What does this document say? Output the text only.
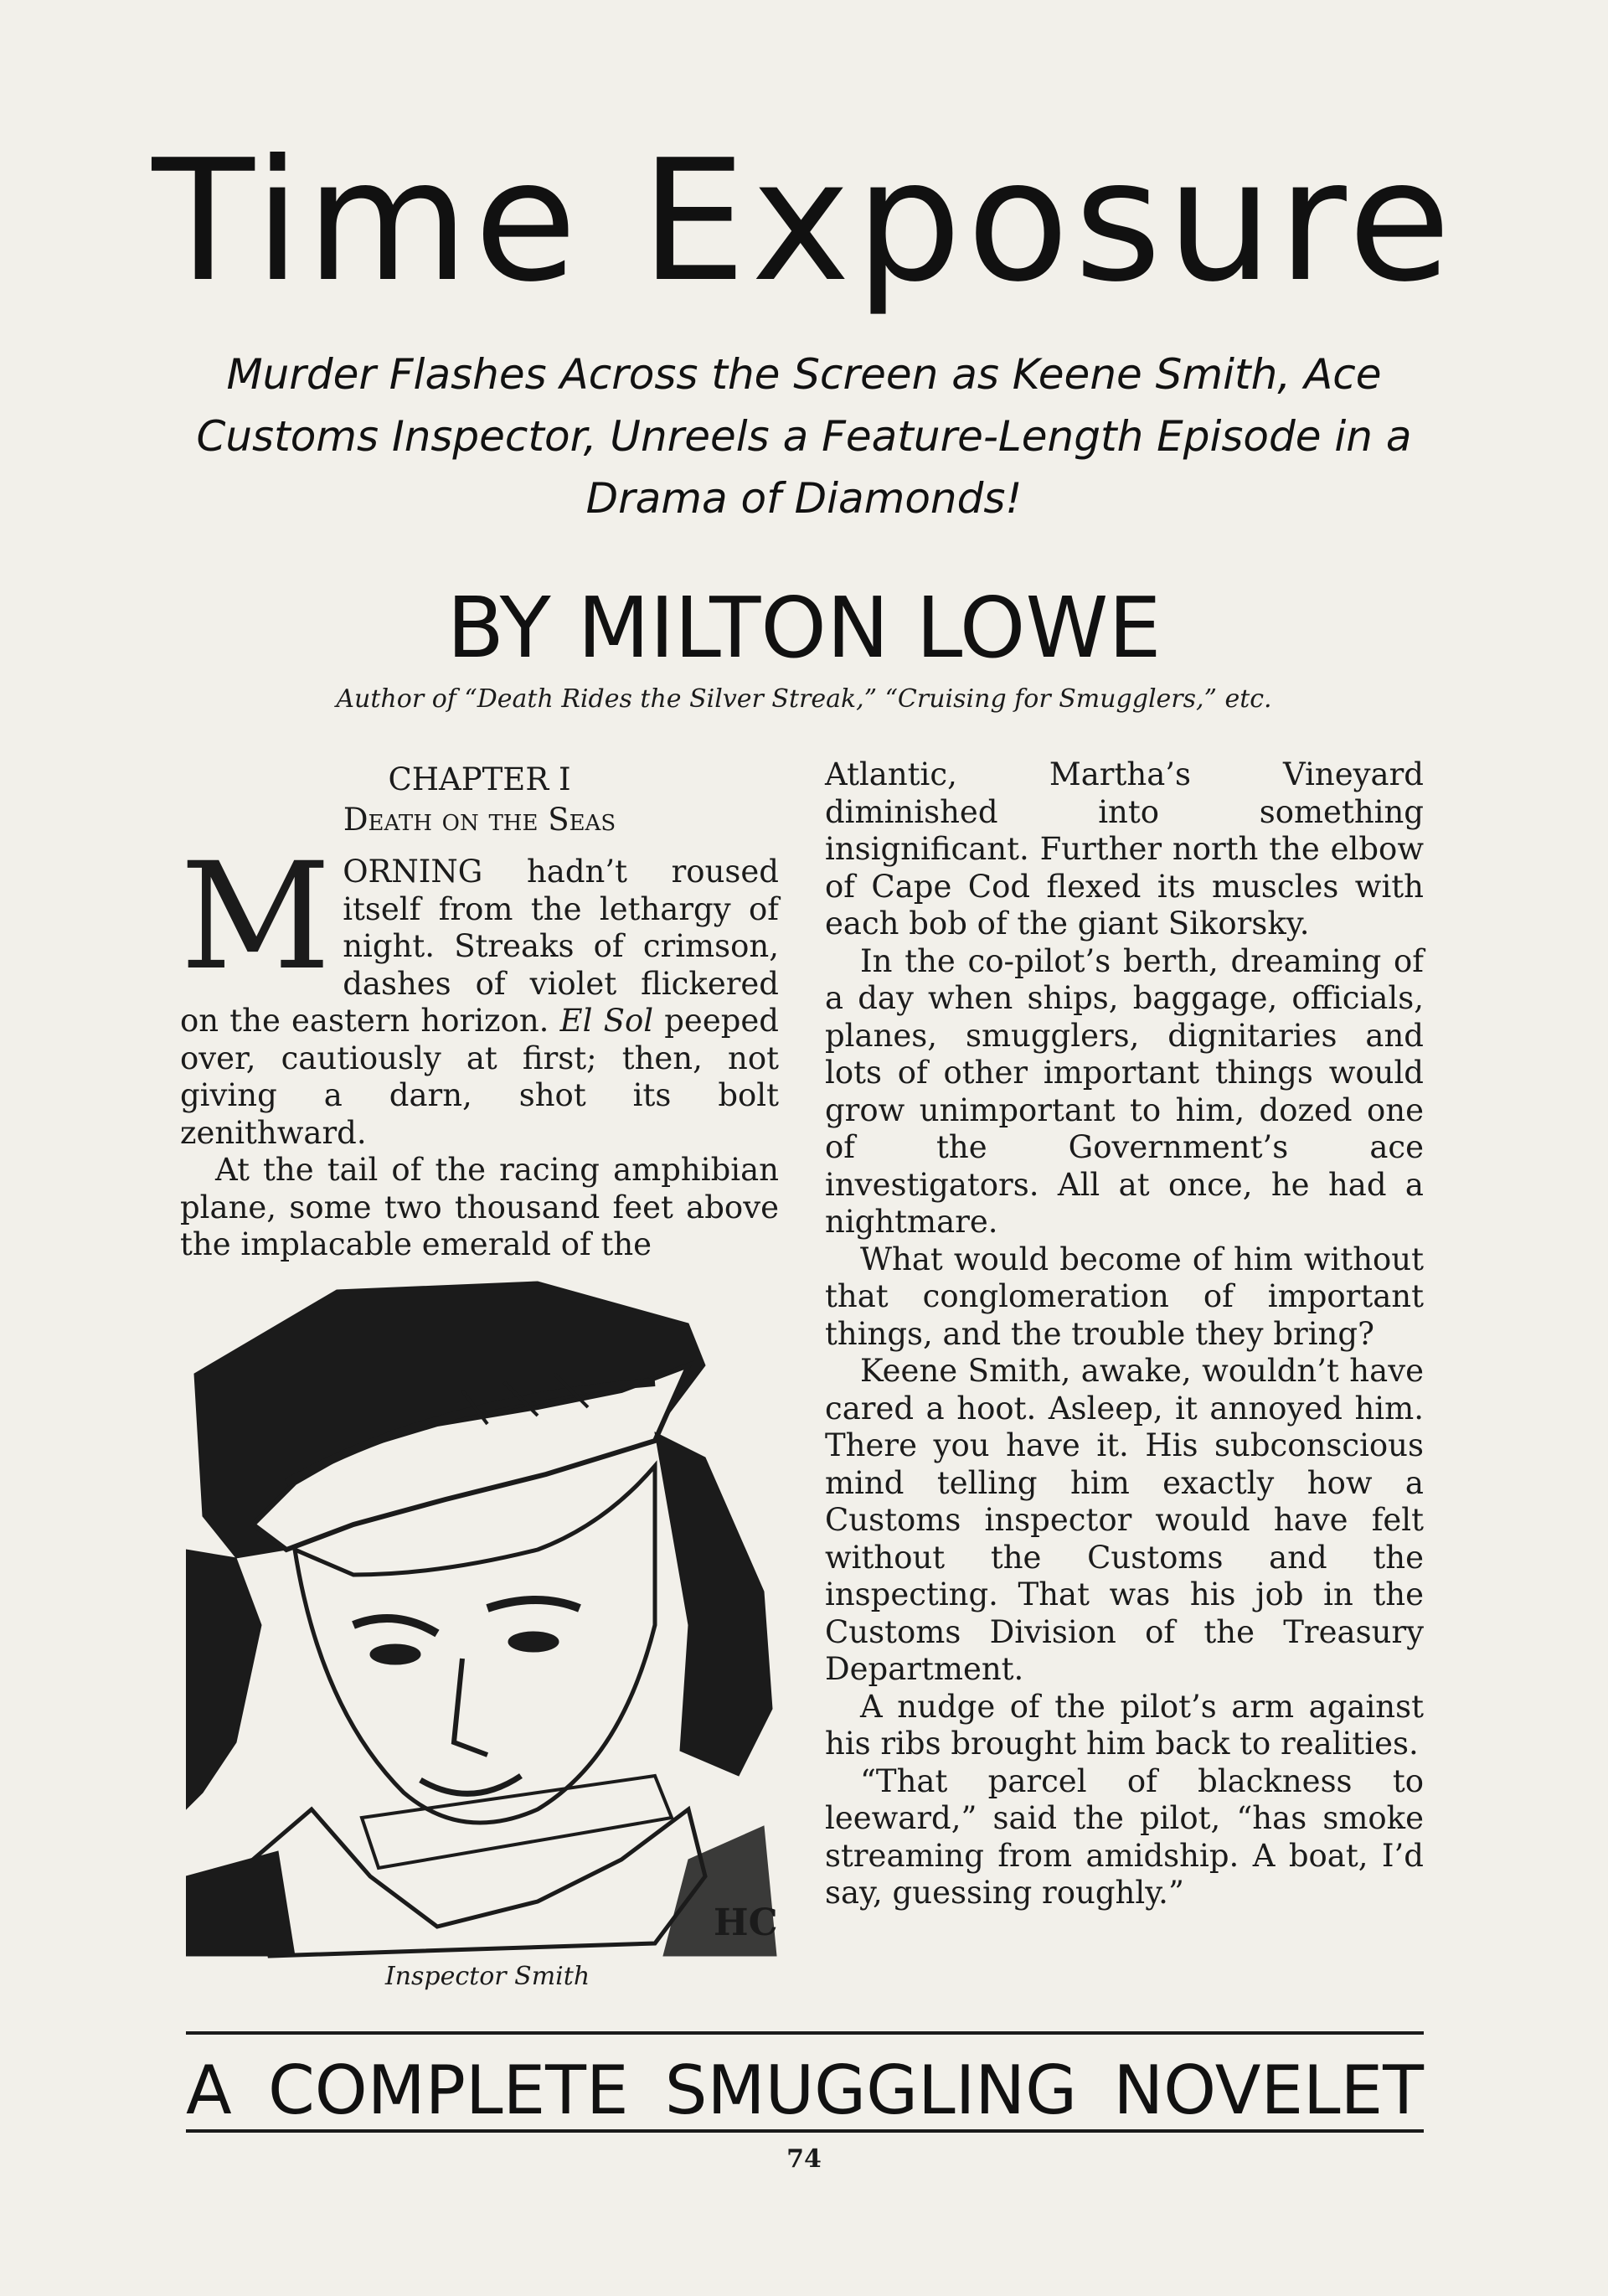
Time Exposure
Murder Flashes Across the Screen as Keene Smith, Ace Customs Inspector, Unreels a Feature-Length Episode in a Drama of Diamonds!
BY MILTON LOWE
Author of “Death Rides the Silver Streak,” “Cruising for Smugglers,” etc.
CHAPTER I
Death on the Seas

MORNING hadn’t roused itself from the lethargy of night. Streaks of crimson, dashes of violet flickered on the eastern horizon. El Sol peeped over, cautiously at first; then, not giving a darn, shot its bolt zenithward.

At the tail of the racing amphibian plane, some two thousand feet above the implacable emerald of the

HC
Inspector Smith

Atlantic, Martha’s Vineyard diminished into something insignificant. Further north the elbow of Cape Cod flexed its muscles with each bob of the giant Sikorsky.

In the co-pilot’s berth, dreaming of a day when ships, baggage, officials, planes, smugglers, dignitaries and lots of other important things would grow unimportant to him, dozed one of the Government’s ace investigators. All at once, he had a nightmare.

What would become of him without that conglomeration of important things, and the trouble they bring?

Keene Smith, awake, wouldn’t have cared a hoot. Asleep, it annoyed him. There you have it. His subconscious mind telling him exactly how a Customs inspector would have felt without the Customs and the inspecting. That was his job in the Customs Division of the Treasury Department.

A nudge of the pilot’s arm against his ribs brought him back to realities.

“That parcel of blackness to leeward,” said the pilot, “has smoke streaming from amidship. A boat, I’d say, guessing roughly.”

A COMPLETE SMUGGLING NOVELET
74
